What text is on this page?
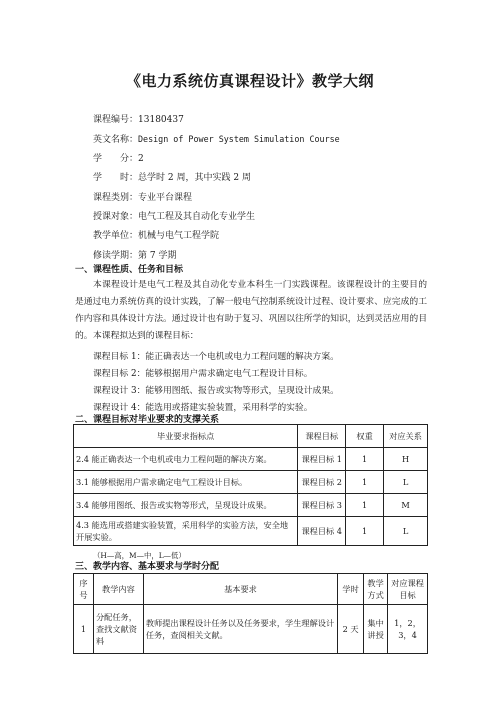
《电力系统仿真课程设计》教学大纲
课程编号：13180437
英文名称：Design of Power System Simulation Course
学　　分：2
学　　时：总学时 2 周，其中实践 2 周
课程类别：专业平台课程
授课对象：电气工程及其自动化专业学生
教学单位：机械与电气工程学院
修读学期：第 7 学期
一、课程性质、任务和目标
本课程设计是电气工程及其自动化专业本科生一门实践课程。该课程设计的主要目的是通过电力系统仿真的设计实践，了解一般电气控制系统设计过程、设计要求、应完成的工作内容和具体设计方法。通过设计也有助于复习、巩固以往所学的知识，达到灵活应用的目的。 本课程拟达到的课程目标：
课程目标 1：能正确表达一个电机或电力工程问题的解决方案。
课程目标 2：能够根据用户需求确定电气工程设计目标。
课程设计 3：能够用图纸、报告或实物等形式，呈现设计成果。
课程设计 4：能选用或搭建实验装置，采用科学的实验。
二、课程目标对毕业要求的支撑关系
毕业要求指标点	课程目标	权重	对应关系
2.4 能正确表达一个电机或电力工程问题的解决方案。	课程目标 1	1	H
3.1 能够根据用户需求确定电气工程设计目标。	课程目标 2	1	L
3.4 能够用图纸、报告或实物等形式，呈现设计成果。	课程目标 3	1	M
4.3 能选用或搭建实验装置，采用科学的实验方法，安全地开展实验。	课程目标 4	1	L
（H—高，M—中，L—低）
三、教学内容、基本要求与学时分配
序号	教学内容	基本要求	学时	教学方式	对应课程目标
1	分配任务，查找文献资料	教师提出课程设计任务以及任务要求，学生理解设计任务，查阅相关文献。	2 天	集中讲授	1，2，3，4
